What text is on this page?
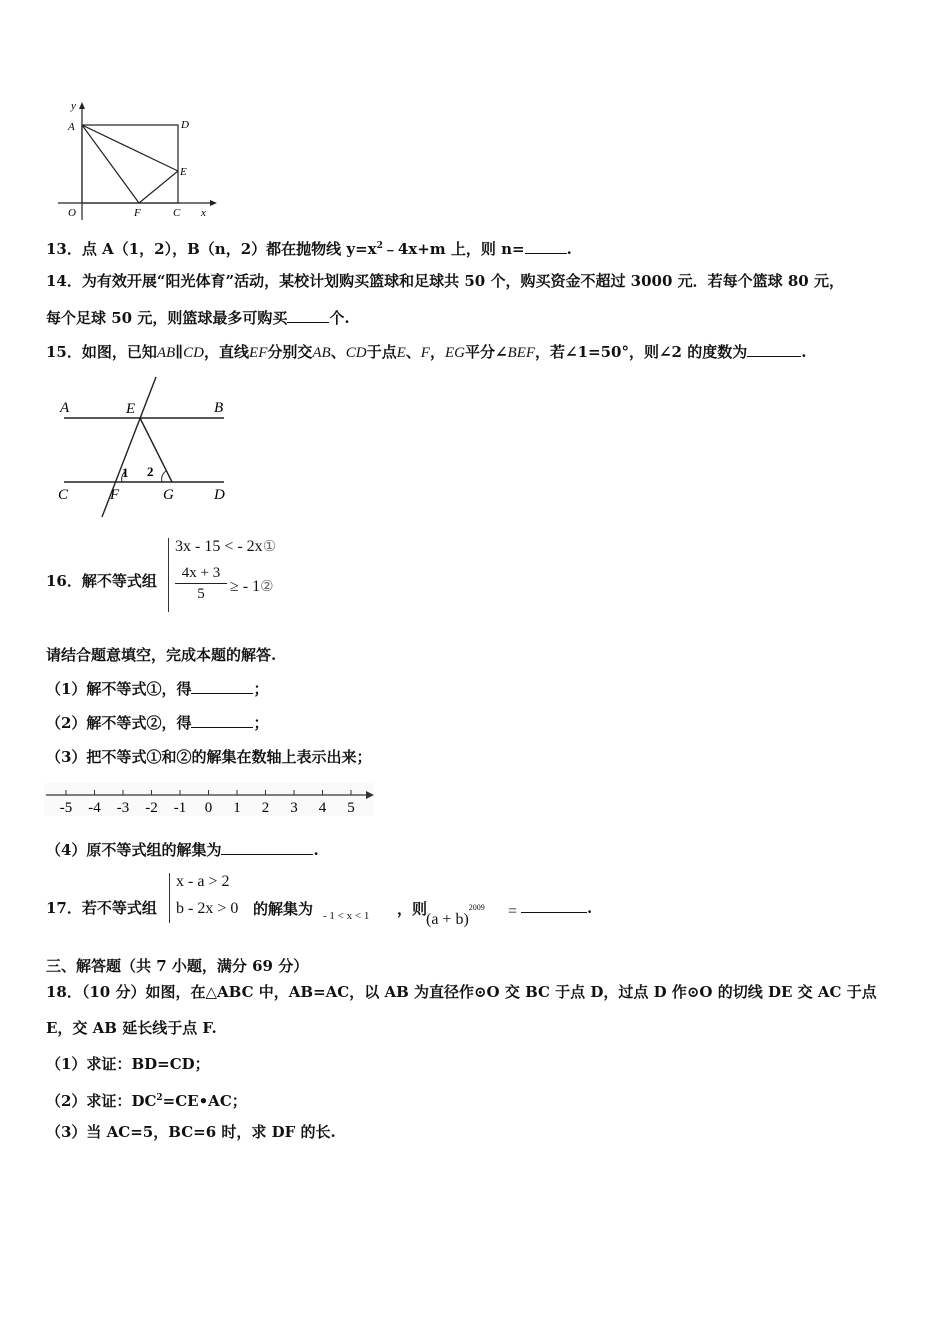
y
x
A	D
E
O	F	C
13．点 A（1，2），B（n，2）都在抛物线 $y=x^2﹣4x+m$ 上，则 n=	.
14．为有效开展“阳光体育”活动，某校计划购买篮球和足球共 50 个，购买资金不超过 3000 元．若每个篮球 80 元，
每个足球 50 元，则篮球最多可购买	个.
15．如图，已知AB∥CD，直线EF分别交AB、CD于点E、F，EG平分∠BEF，若∠1=50°，则∠2 的度数为	.
A	E	B
C	F	G	D
1 2
16．解不等式组
3x - 15 < - 2x①
$\frac{4x + 3}{5}$ ≥ - 1②
请结合题意填空，完成本题的解答.
（1）解不等式①，得	；
（2）解不等式②，得	；
（3）把不等式①和②的解集在数轴上表示出来；
-5 -4 -3 -2 -1 0 1 2 3 4 5
（4）原不等式组的解集为	.
17．若不等式组
x - a > 2
b - 2x > 0 的解集为 - 1 < x < 1 ，则
$(a + b)^{2009}$ =	.
三、解答题（共 7 小题，满分 69 分）
18．（10 分）如图，在△ABC 中，AB=AC，以 AB 为直径作⊙O 交 BC 于点 D，过点 D 作⊙O 的切线 DE 交 AC 于点
E，交 AB 延长线于点 F.
（1）求证：BD=CD；
（2）求证：$DC^2=CE•AC$；
（3）当 AC=5，BC=6 时，求 DF 的长.
